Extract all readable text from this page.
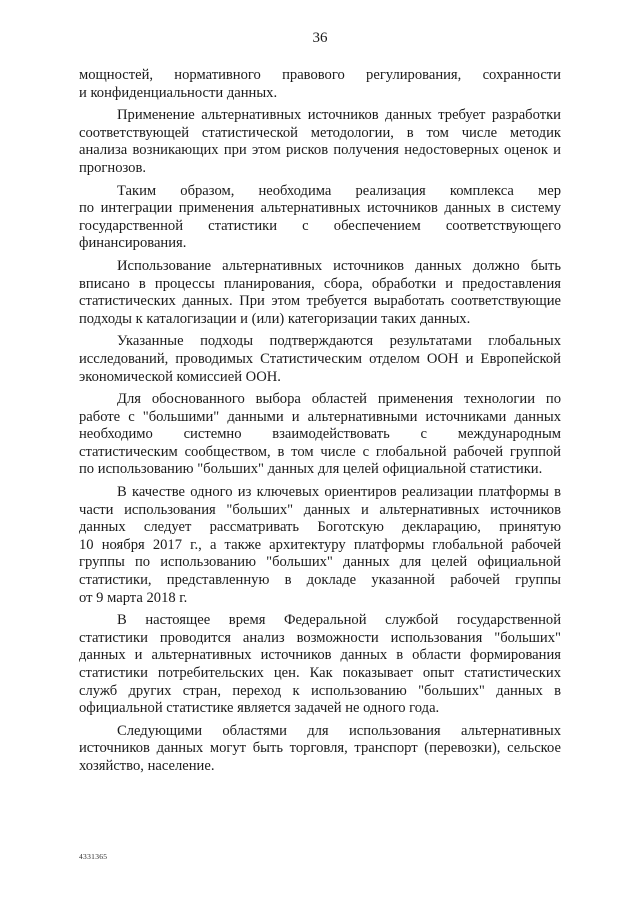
36
мощностей, нормативного правового регулирования, сохранности
и конфиденциальности данных.
Применение альтернативных источников данных требует разработки
соответствующей статистической методологии, в том числе методик
анализа возникающих при этом рисков получения недостоверных оценок и
прогнозов.
Таким образом, необходима реализация комплекса мер
по интеграции применения альтернативных источников данных в систему
государственной статистики с обеспечением соответствующего
финансирования.
Использование альтернативных источников данных должно быть
вписано в процессы планирования, сбора, обработки и предоставления
статистических данных. При этом требуется выработать соответствующие
подходы к каталогизации и (или) категоризации таких данных.
Указанные подходы подтверждаются результатами глобальных
исследований, проводимых Статистическим отделом ООН и Европейской
экономической комиссией ООН.
Для обоснованного выбора областей применения технологии по
работе с "большими" данными и альтернативными источниками данных
необходимо системно взаимодействовать с международным
статистическим сообществом, в том числе с глобальной рабочей группой
по использованию "больших" данных для целей официальной статистики.
В качестве одного из ключевых ориентиров реализации платформы в
части использования "больших" данных и альтернативных источников
данных следует рассматривать Боготскую декларацию, принятую
10 ноября 2017 г., а также архитектуру платформы глобальной рабочей
группы по использованию "больших" данных для целей официальной
статистики, представленную в докладе указанной рабочей группы
от 9 марта 2018 г.
В настоящее время Федеральной службой государственной
статистики проводится анализ возможности использования "больших"
данных и альтернативных источников данных в области формирования
статистики потребительских цен. Как показывает опыт статистических
служб других стран, переход к использованию "больших" данных в
официальной статистике является задачей не одного года.
Следующими областями для использования альтернативных
источников данных могут быть торговля, транспорт (перевозки), сельское
хозяйство, население.
4331365
